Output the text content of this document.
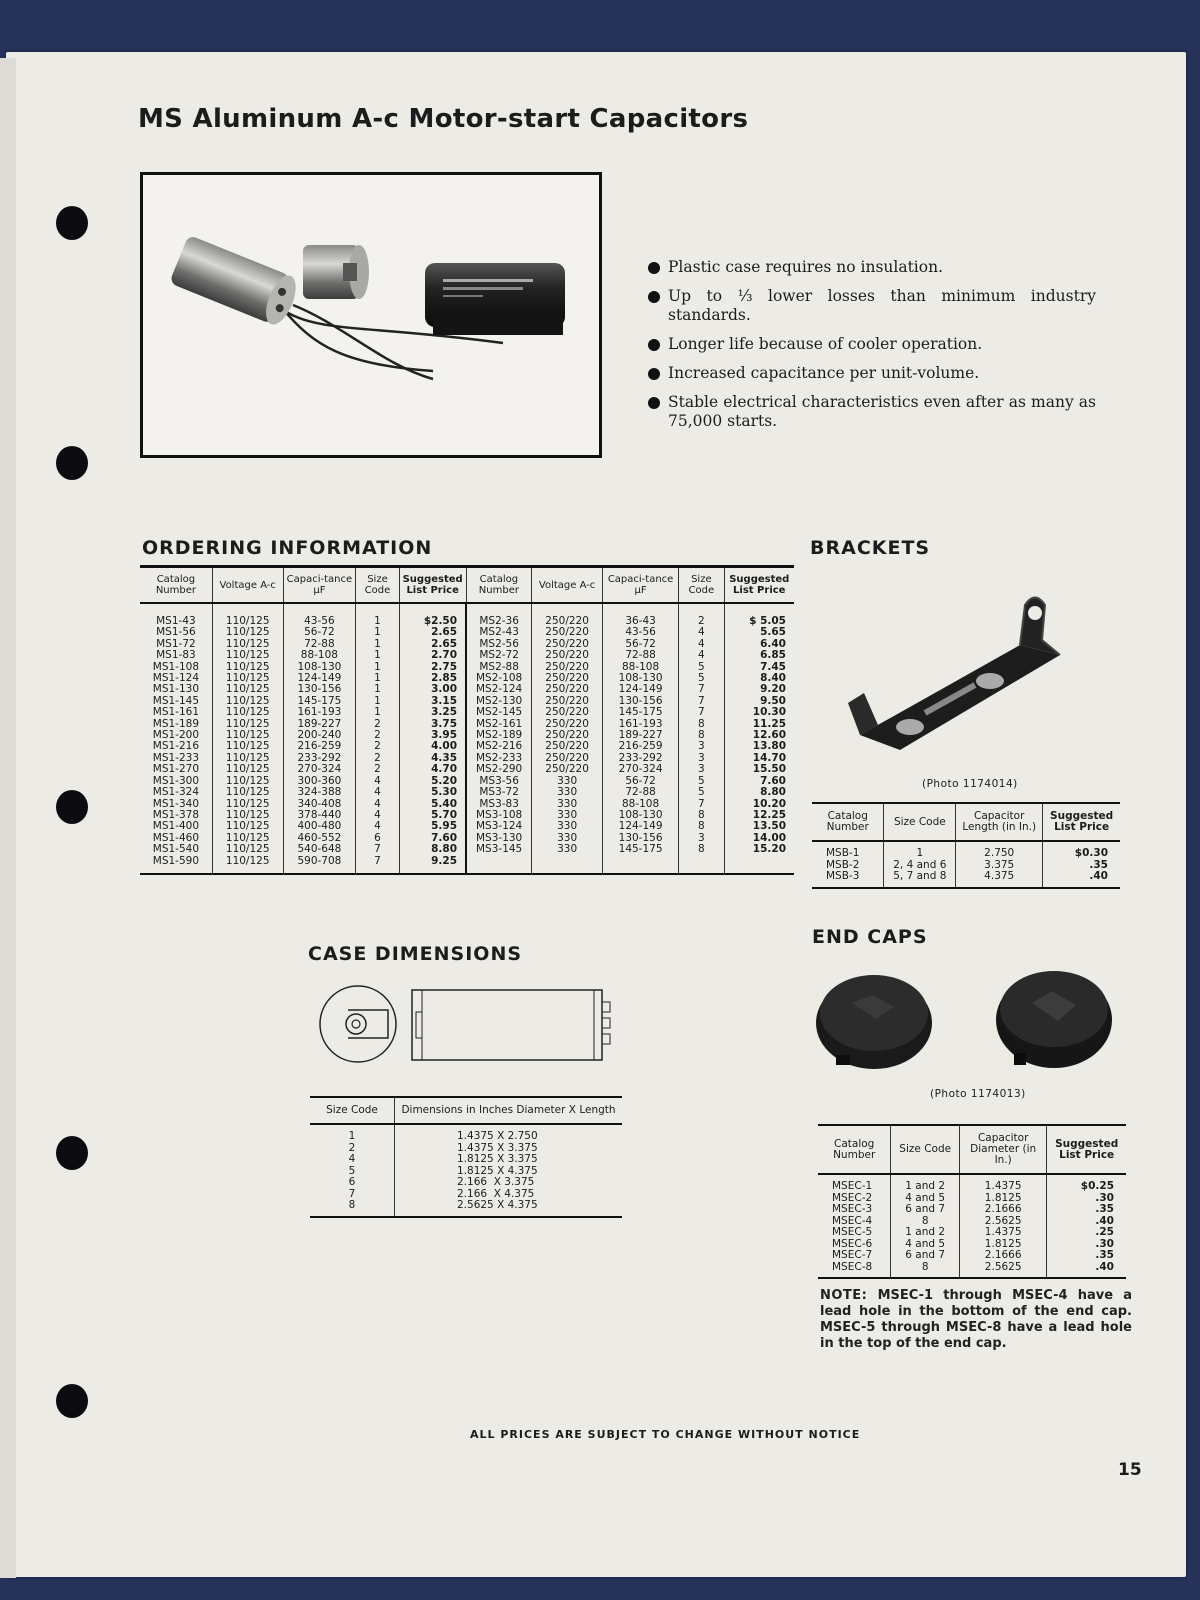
MS Aluminum A-c Motor-start Capacitors
Plastic case requires no insulation.
Up to ⅓ lower losses than minimum industry standards.
Longer life because of cooler operation.
Increased capacitance per unit-volume.
Stable electrical characteristics even after as many as 75,000 starts.
ORDERING INFORMATION
Catalog Number	Voltage A-c	Capaci-tance µF	Size Code	Suggested List Price	Catalog Number	Voltage A-c	Capaci-tance µF	Size Code	Suggested List Price

MS1-43	110/125	43-56	1	$2.50	MS2-36	250/220	36-43	2	$ 5.05
MS1-56	110/125	56-72	1	2.65	MS2-43	250/220	43-56	4	5.65
MS1-72	110/125	72-88	1	2.65	MS2-56	250/220	56-72	4	6.40
MS1-83	110/125	88-108	1	2.70	MS2-72	250/220	72-88	4	6.85
MS1-108	110/125	108-130	1	2.75	MS2-88	250/220	88-108	5	7.45
MS1-124	110/125	124-149	1	2.85	MS2-108	250/220	108-130	5	8.40
MS1-130	110/125	130-156	1	3.00	MS2-124	250/220	124-149	7	9.20
MS1-145	110/125	145-175	1	3.15	MS2-130	250/220	130-156	7	9.50
MS1-161	110/125	161-193	1	3.25	MS2-145	250/220	145-175	7	10.30
MS1-189	110/125	189-227	2	3.75	MS2-161	250/220	161-193	8	11.25
MS1-200	110/125	200-240	2	3.95	MS2-189	250/220	189-227	8	12.60
MS1-216	110/125	216-259	2	4.00	MS2-216	250/220	216-259	3	13.80
MS1-233	110/125	233-292	2	4.35	MS2-233	250/220	233-292	3	14.70
MS1-270	110/125	270-324	2	4.70	MS2-290	250/220	270-324	3	15.50
MS1-300	110/125	300-360	4	5.20	MS3-56	330	56-72	5	7.60
MS1-324	110/125	324-388	4	5.30	MS3-72	330	72-88	5	8.80
MS1-340	110/125	340-408	4	5.40	MS3-83	330	88-108	7	10.20
MS1-378	110/125	378-440	4	5.70	MS3-108	330	108-130	8	12.25
MS1-400	110/125	400-480	4	5.95	MS3-124	330	124-149	8	13.50
MS1-460	110/125	460-552	6	7.60	MS3-130	330	130-156	3	14.00
MS1-540	110/125	540-648	7	8.80	MS3-145	330	145-175	8	15.20
MS1-590	110/125	590-708	7	9.25					
BRACKETS
(Photo 1174014)
Catalog Number	Size Code	Capacitor Length (in In.)	Suggested List Price
MSB-1	1	2.750	$0.30
MSB-2	2, 4 and 6	3.375	.35
MSB-3	5, 7 and 8	4.375	.40
CASE DIMENSIONS
Size Code	Dimensions in Inches Diameter X Length
1	1.4375 X 2.750
2	1.4375 X 3.375
4	1.8125 X 3.375
5	1.8125 X 4.375
6	2.166  X 3.375
7	2.166  X 4.375
8	2.5625 X 4.375
END CAPS
(Photo 1174013)
Catalog Number	Size Code	Capacitor Diameter (in In.)	Suggested List Price
MSEC-1	1 and 2	1.4375	$0.25
MSEC-2	4 and 5	1.8125	.30
MSEC-3	6 and 7	2.1666	.35
MSEC-4	8	2.5625	.40
MSEC-5	1 and 2	1.4375	.25
MSEC-6	4 and 5	1.8125	.30
MSEC-7	6 and 7	2.1666	.35
MSEC-8	8	2.5625	.40
NOTE: MSEC-1 through MSEC-4 have a lead hole in the bottom of the end cap. MSEC-5 through MSEC-8 have a lead hole in the top of the end cap.
ALL PRICES ARE SUBJECT TO CHANGE WITHOUT NOTICE
15
